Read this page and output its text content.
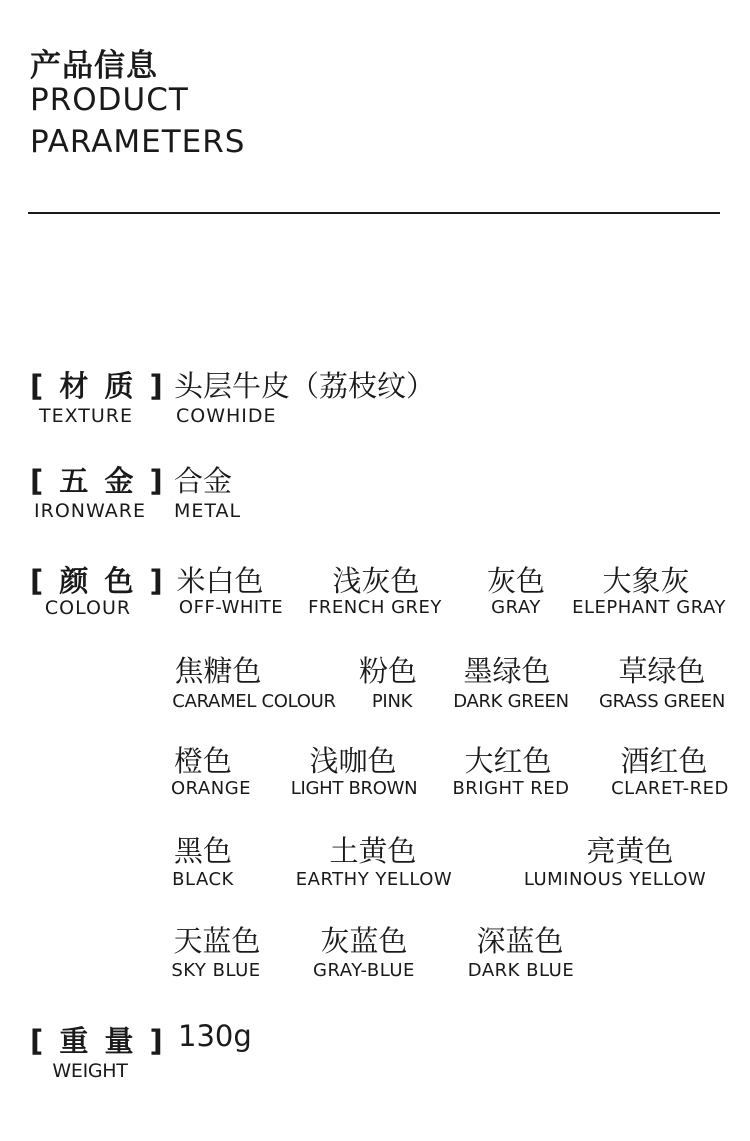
产品信息
PRODUCT
PARAMETERS
[ 材 质 ]
TEXTURE
头层牛皮（荔枝纹）
COWHIDE
[ 五 金 ]
IRONWARE
合金
METAL
[ 颜 色 ]
COLOUR
米白色
OFF-WHITE
浅灰色
FRENCH GREY
灰色
GRAY
大象灰
ELEPHANT GRAY
焦糖色
CARAMEL COLOUR
粉色
PINK
墨绿色
DARK GREEN
草绿色
GRASS GREEN
橙色
ORANGE
浅咖色
LIGHT BROWN
大红色
BRIGHT RED
酒红色
CLARET-RED
黑色
BLACK
土黄色
EARTHY YELLOW
亮黄色
LUMINOUS YELLOW
天蓝色
SKY BLUE
灰蓝色
GRAY-BLUE
深蓝色
DARK BLUE
[ 重 量 ]
WEIGHT
130g
